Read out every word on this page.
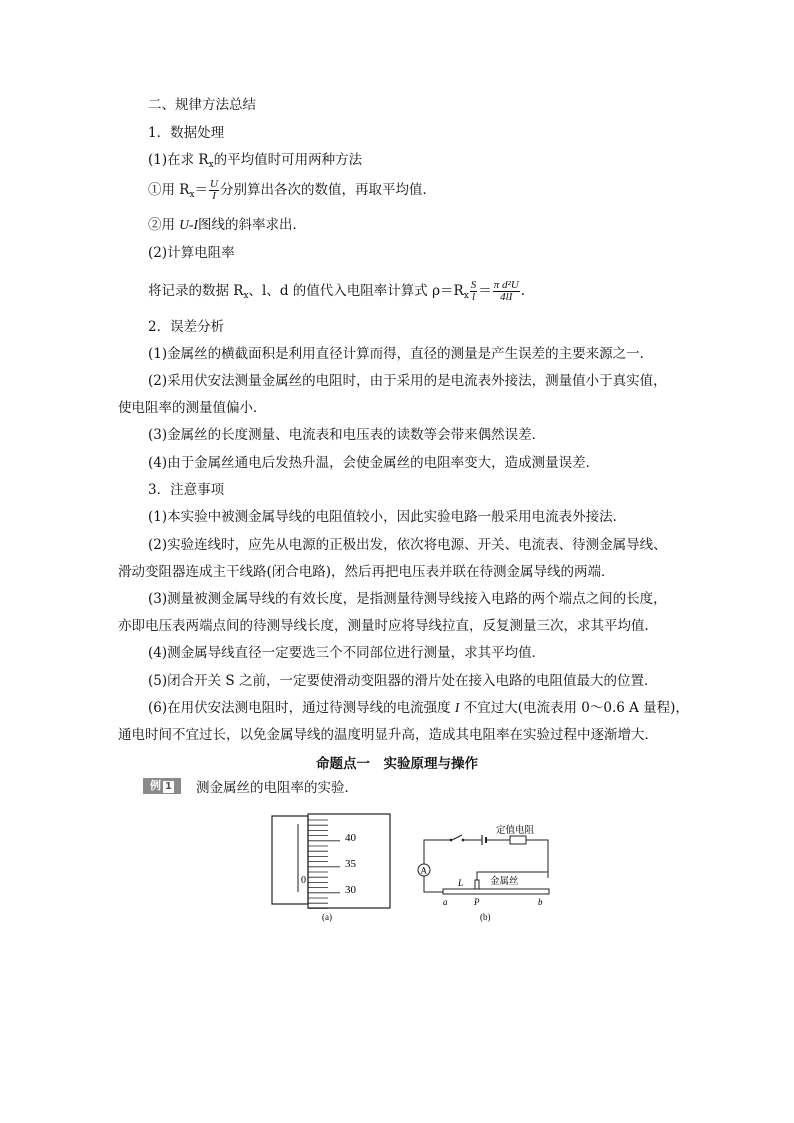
二、规律方法总结
1．数据处理
(1)在求 $R_x$的平均值时可用两种方法
①用 $R_x= \frac{U}{I}$ 分别算出各次的数值，再取平均值．
②用 U-I图线的斜率求出．
(2)计算电阻率
将记录的数据 $R_x$、l、d 的值代入电阻率计算式 $\rho=R_x \frac{S}{l} = \frac{\text{π d²U}}{4lI}$ .
2．误差分析
(1)金属丝的横截面积是利用直径计算而得，直径的测量是产生误差的主要来源之一．
(2)采用伏安法测量金属丝的电阻时，由于采用的是电流表外接法，测量值小于真实值，
使电阻率的测量值偏小．
(3)金属丝的长度测量、电流表和电压表的读数等会带来偶然误差．
(4)由于金属丝通电后发热升温，会使金属丝的电阻率变大，造成测量误差．
3．注意事项
(1)本实验中被测金属导线的电阻值较小，因此实验电路一般采用电流表外接法．
(2)实验连线时，应先从电源的正极出发，依次将电源、开关、电流表、待测金属导线、
滑动变阻器连成主干线路(闭合电路)，然后再把电压表并联在待测金属导线的两端．
(3)测量被测金属导线的有效长度，是指测量待测导线接入电路的两个端点之间的长度，
亦即电压表两端点间的待测导线长度，测量时应将导线拉直，反复测量三次，求其平均值．
(4)测金属导线直径一定要选三个不同部位进行测量，求其平均值．
(5)闭合开关 S 之前，一定要使滑动变阻器的滑片处在接入电路的电阻值最大的位置．
(6)在用伏安法测电阻时，通过待测导线的电流强度 I 不宜过大(电流表用 0～0.6 A 量程)，
通电时间不宜过长，以免金属导线的温度明显升高，造成其电阻率在实验过程中逐渐增大．
命题点一　实验原理与操作
例 1	测金属丝的电阻率的实验．
40
35
30
0
(a)
定值电阻
A
金属丝
L
a	P	b
(b)
